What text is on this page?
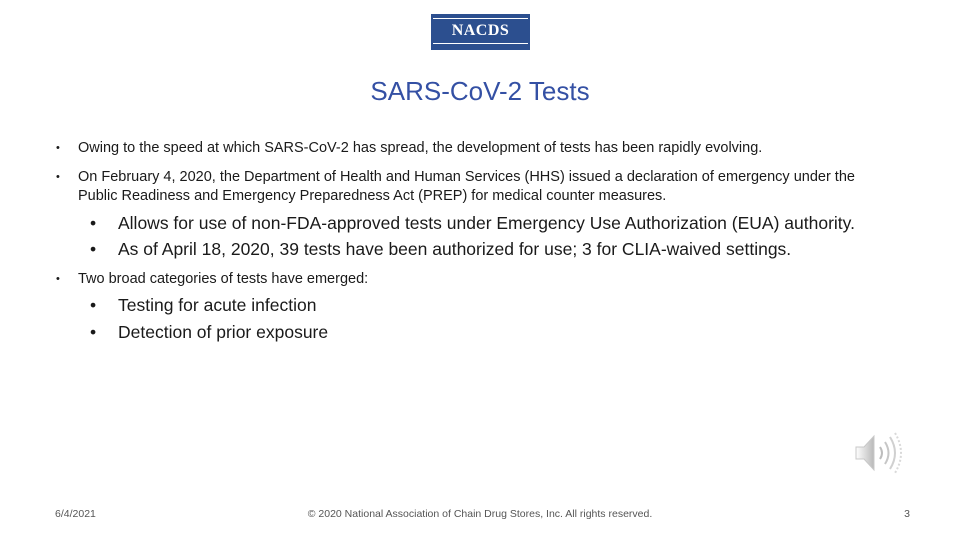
NACDS
SARS-CoV-2 Tests
• Owing to the speed at which SARS-CoV-2 has spread, the development of tests has been rapidly evolving.
• On February 4, 2020, the Department of Health and Human Services (HHS) issued a declaration of emergency under the Public Readiness and Emergency Preparedness Act (PREP) for medical counter measures.
• Allows for use of non-FDA-approved tests under Emergency Use Authorization (EUA) authority.
• As of April 18, 2020, 39 tests have been authorized for use; 3 for CLIA-waived settings.
• Two broad categories of tests have emerged:
• Testing for acute infection
• Detection of prior exposure
6/4/2021	© 2020 National Association of Chain Drug Stores, Inc. All rights reserved.	3
